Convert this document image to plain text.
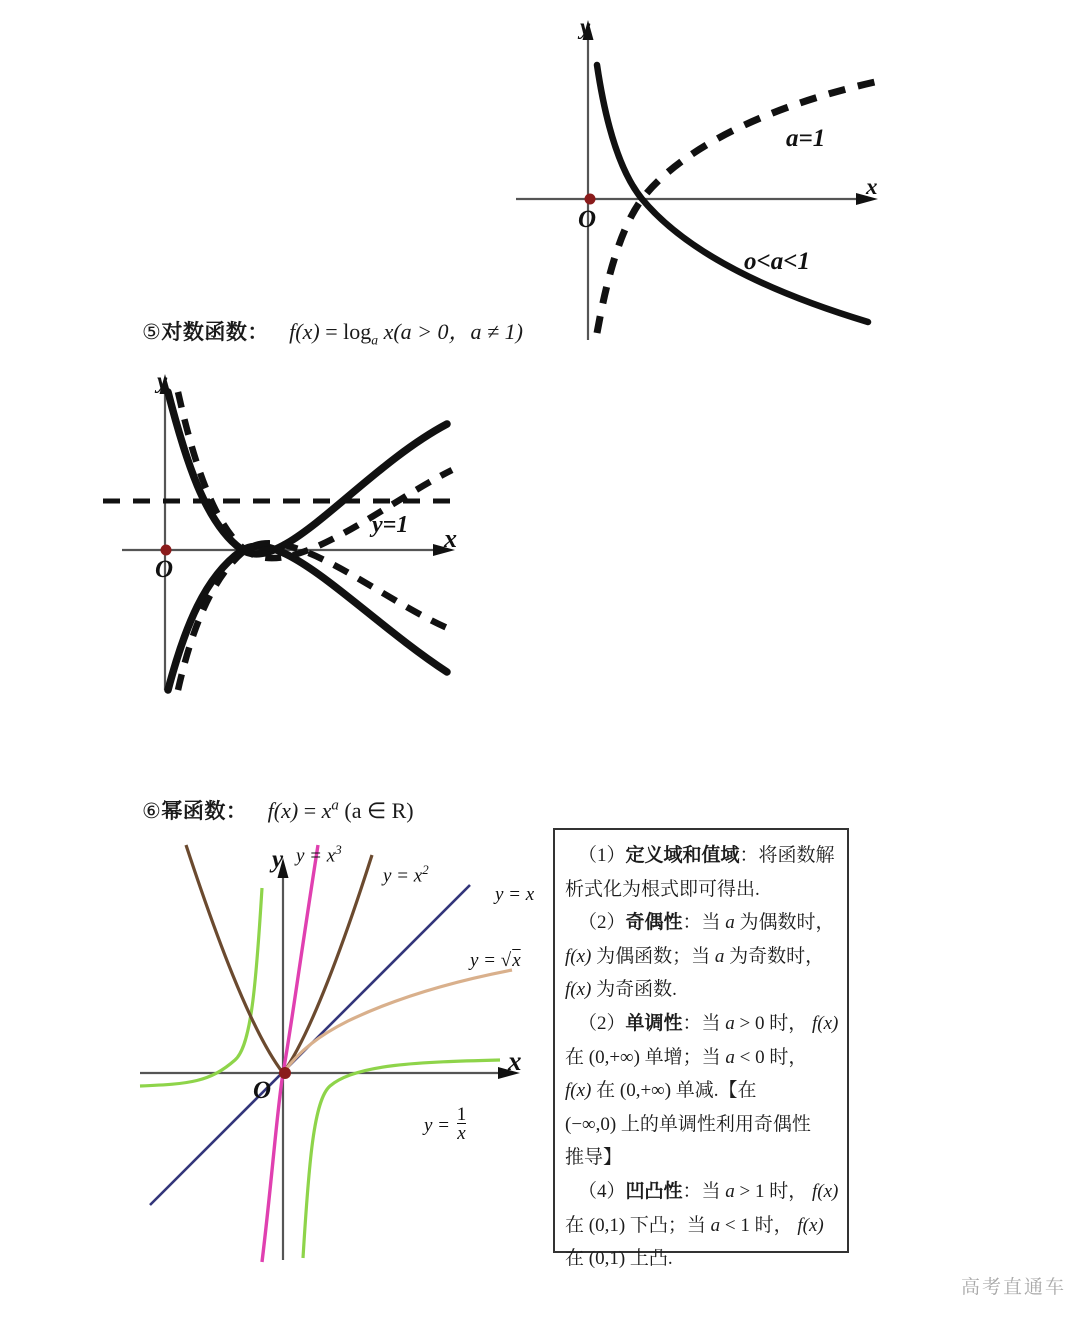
y
x
O
a=1
o<a<1
⑤对数函数： $f(x) = \log_a x(a > 0$，a ≠ 1)
y
x
O
y=1
⑥幂函数： $f(x) = x^a$ (a ∈ R)
y
x
O
$y = x^3$
$y = x^2$
y = x
y = √x
$y = \frac{1}{x}$
（1）定义域和值域：将函数解
析式化为根式即可得出.
（2）奇偶性：当 a 为偶数时，
f(x) 为偶函数；当 a 为奇数时，
f(x) 为奇函数.
（2）单调性：当 a > 0 时， f(x)
在 (0,+∞) 单增；当 a < 0 时，
f(x) 在 (0,+∞) 单减.【在
(−∞,0) 上的单调性利用奇偶性
推导】
（4）凹凸性：当 a > 1 时， f(x)
在 (0,1) 下凸；当 a < 1 时， f(x)
在 (0,1) 上凸.
高考直通车
